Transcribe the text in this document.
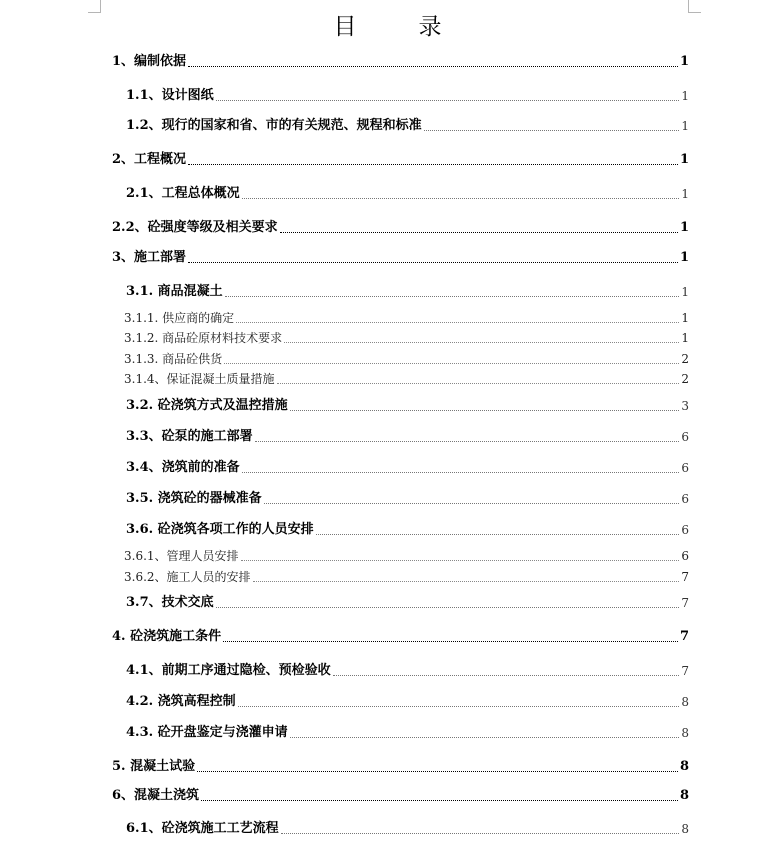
目	录
1、编制依据	1
1.1、设计图纸	1
1.2、现行的国家和省、市的有关规范、规程和标准	1
2、工程概况	1
2.1、工程总体概况	1
2.2、砼强度等级及相关要求	1
3、施工部署	1
3.1. 商品混凝土	1
3.1.1. 供应商的确定	1
3.1.2. 商品砼原材料技术要求	1
3.1.3. 商品砼供货	2
3.1.4、保证混凝土质量措施	2
3.2. 砼浇筑方式及温控措施	3
3.3、砼泵的施工部署	6
3.4、浇筑前的准备	6
3.5. 浇筑砼的器械准备	6
3.6. 砼浇筑各项工作的人员安排	6
3.6.1、管理人员安排	6
3.6.2、施工人员的安排	7
3.7、技术交底	7
4. 砼浇筑施工条件	7
4.1、前期工序通过隐检、预检验收	7
4.2. 浇筑高程控制	8
4.3. 砼开盘鉴定与浇灌申请	8
5. 混凝土试验	8
6、混凝土浇筑	8
6.1、砼浇筑施工工艺流程	8
